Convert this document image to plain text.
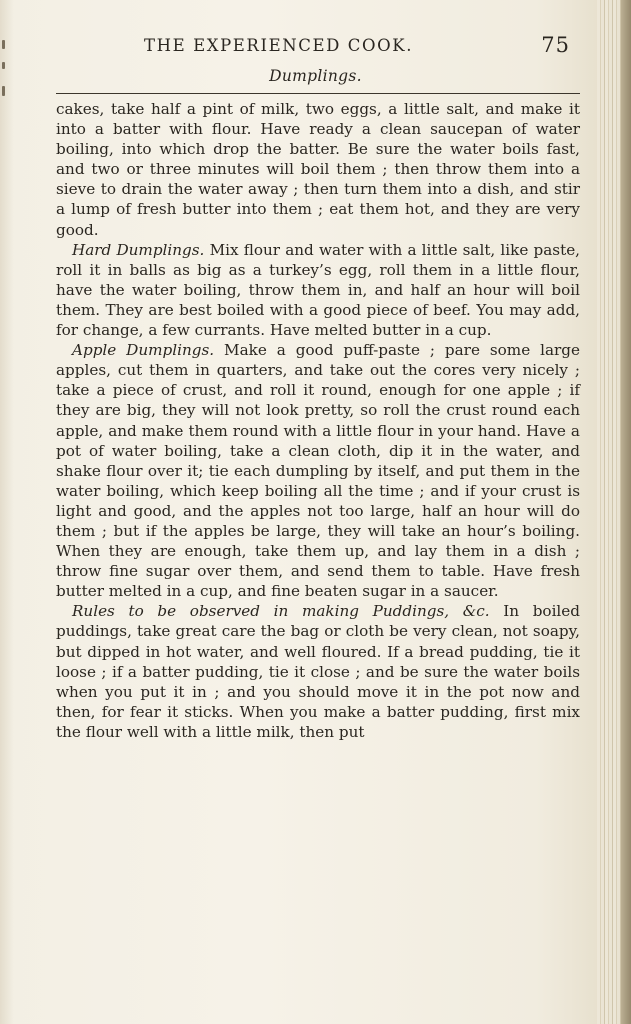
THE EXPERIENCED COOK.	75
Dumplings.

cakes, take half a pint of milk, two eggs, a little salt, and make it into a batter with flour. Have ready a clean saucepan of water boiling, into which drop the batter. Be sure the water boils fast, and two or three minutes will boil them ; then throw them into a sieve to drain the water away ; then turn them into a dish, and stir a lump of fresh butter into them ; eat them hot, and they are very good.

Hard Dumplings. Mix flour and water with a little salt, like paste, roll it in balls as big as a turkey’s egg, roll them in a little flour, have the water boiling, throw them in, and half an hour will boil them. They are best boiled with a good piece of beef. You may add, for change, a few currants. Have melted butter in a cup.

Apple Dumplings. Make a good puff-paste ; pare some large apples, cut them in quarters, and take out the cores very nicely ; take a piece of crust, and roll it round, enough for one apple ; if they are big, they will not look pretty, so roll the crust round each apple, and make them round with a little flour in your hand. Have a pot of water boiling, take a clean cloth, dip it in the water, and shake flour over it; tie each dumpling by itself, and put them in the water boiling, which keep boiling all the time ; and if your crust is light and good, and the apples not too large, half an hour will do them ; but if the apples be large, they will take an hour’s boiling. When they are enough, take them up, and lay them in a dish ; throw fine sugar over them, and send them to table. Have fresh butter melted in a cup, and fine beaten sugar in a saucer.

Rules to be observed in making Puddings, &c. In boiled puddings, take great care the bag or cloth be very clean, not soapy, but dipped in hot water, and well floured. If a bread pudding, tie it loose ; if a batter pudding, tie it close ; and be sure the water boils when you put it in ; and you should move it in the pot now and then, for fear it sticks. When you make a batter pudding, first mix the flour well with a little milk, then put
